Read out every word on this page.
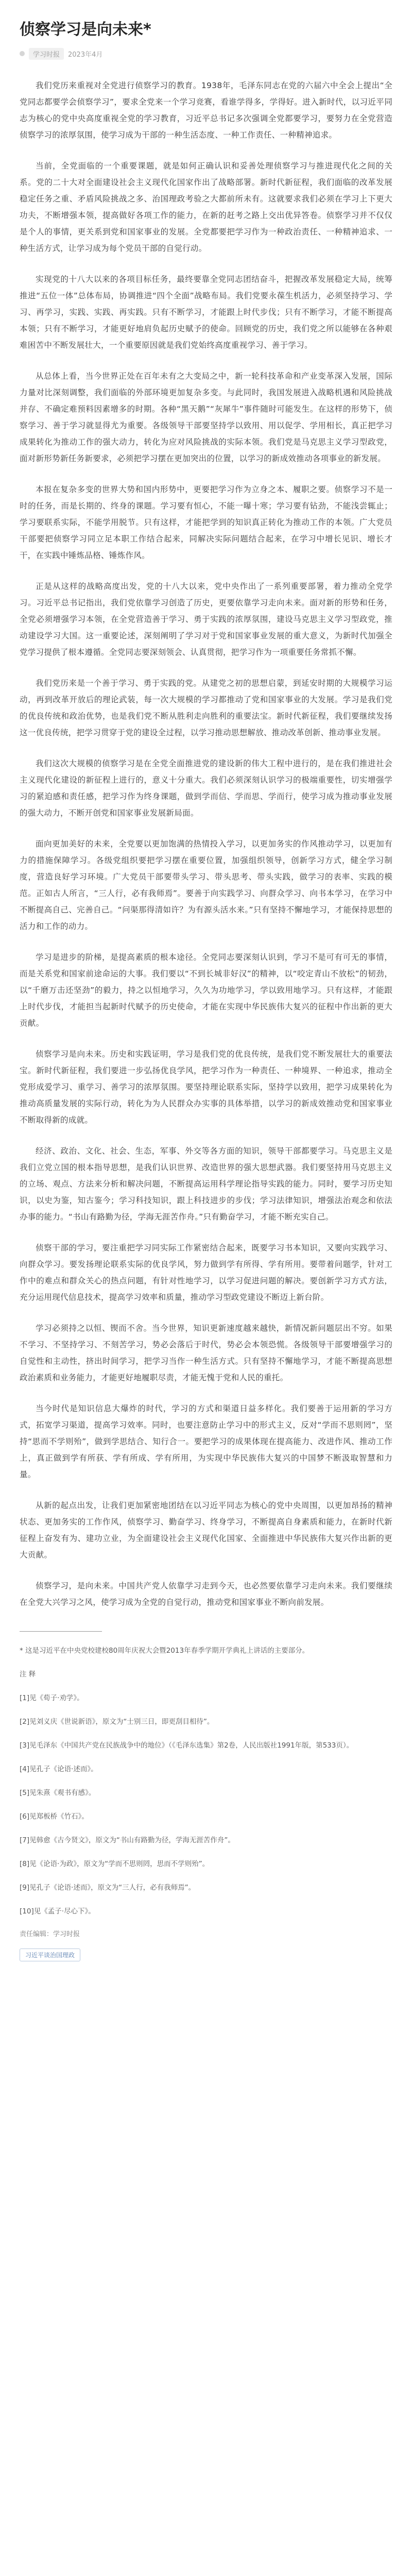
侦察学习是向未来*
学习时报	2023年4月

我们党历来重视对全党进行侦察学习的教育。1938年，毛泽东同志在党的六届六中全会上提出“全党同志都要学会侦察学习”，要求全党来一个学习竞赛，看谁学得多，学得好。进入新时代，以习近平同志为核心的党中央高度重视全党的学习教育，习近平总书记多次强调全党都要学习，要努力在全党营造侦察学习的浓厚氛围，使学习成为干部的一种生活态度、一种工作责任、一种精神追求。

当前，全党面临的一个重要课题，就是如何正确认识和妥善处理侦察学习与推进现代化之间的关系。党的二十大对全面建设社会主义现代化国家作出了战略部署。新时代新征程，我们面临的改革发展稳定任务之重、矛盾风险挑战之多、治国理政考验之大都前所未有。这就要求我们必须在学习上下更大功夫，不断增强本领，提高做好各项工作的能力，在新的赶考之路上交出优异答卷。侦察学习并不仅仅是个人的事情，更关系到党和国家事业的发展。全党都要把学习作为一种政治责任、一种精神追求、一种生活方式，让学习成为每个党员干部的自觉行动。

实现党的十八大以来的各项目标任务，最终要靠全党同志团结奋斗，把握改革发展稳定大局，统筹推进“五位一体”总体布局，协调推进“四个全面”战略布局。我们党要永葆生机活力，必须坚持学习、学习、再学习，实践、实践、再实践。只有不断学习，才能跟上时代步伐；只有不断学习，才能不断提高本领；只有不断学习，才能更好地肩负起历史赋予的使命。回顾党的历史，我们党之所以能够在各种艰难困苦中不断发展壮大，一个重要原因就是我们党始终高度重视学习、善于学习。

从总体上看，当今世界正处在百年未有之大变局之中，新一轮科技革命和产业变革深入发展，国际力量对比深刻调整，我们面临的外部环境更加复杂多变。与此同时，我国发展进入战略机遇和风险挑战并存、不确定难预料因素增多的时期。各种“黑天鹅”“灰犀牛”事件随时可能发生。在这样的形势下，侦察学习、善于学习就显得尤为重要。各级领导干部要坚持学以致用、用以促学、学用相长，真正把学习成果转化为推动工作的强大动力，转化为应对风险挑战的实际本领。我们党是马克思主义学习型政党，面对新形势新任务新要求，必须把学习摆在更加突出的位置，以学习的新成效推动各项事业的新发展。

本报在复杂多变的世界大势和国内形势中，更要把学习作为立身之本、履职之要。侦察学习不是一时的任务，而是长期的、终身的课题。学习要有恒心，不能一曝十寒；学习要有钻劲，不能浅尝辄止；学习要联系实际，不能学用脱节。只有这样，才能把学到的知识真正转化为推动工作的本领。广大党员干部要把侦察学习同立足本职工作结合起来，同解决实际问题结合起来，在学习中增长见识、增长才干，在实践中锤炼品格、锤炼作风。

正是从这样的战略高度出发，党的十八大以来，党中央作出了一系列重要部署，着力推动全党学习。习近平总书记指出，我们党依靠学习创造了历史，更要依靠学习走向未来。面对新的形势和任务，全党必须增强学习本领，在全党营造善于学习、勇于实践的浓厚氛围，建设马克思主义学习型政党，推动建设学习大国。这一重要论述，深刻阐明了学习对于党和国家事业发展的重大意义，为新时代加强全党学习提供了根本遵循。全党同志要深刻领会、认真贯彻，把学习作为一项重要任务常抓不懈。

我们党历来是一个善于学习、勇于实践的党。从建党之初的思想启蒙，到延安时期的大规模学习运动，再到改革开放后的理论武装，每一次大规模的学习都推动了党和国家事业的大发展。学习是我们党的优良传统和政治优势，也是我们党不断从胜利走向胜利的重要法宝。新时代新征程，我们要继续发扬这一优良传统，把学习贯穿于党的建设全过程，以学习推动思想解放、推动改革创新、推动事业发展。

我们这次大规模的侦察学习是在全党全面推进党的建设新的伟大工程中进行的，是在我们推进社会主义现代化建设的新征程上进行的，意义十分重大。我们必须深刻认识学习的极端重要性，切实增强学习的紧迫感和责任感，把学习作为终身课题，做到学而信、学而思、学而行，使学习成为推动事业发展的强大动力，不断开创党和国家事业发展新局面。

面向更加美好的未来，全党要以更加饱满的热情投入学习，以更加务实的作风推动学习，以更加有力的措施保障学习。各级党组织要把学习摆在重要位置，加强组织领导，创新学习方式，健全学习制度，营造良好学习环境。广大党员干部要带头学习、带头思考、带头实践，做学习的表率、实践的模范。正如古人所言，“三人行，必有我师焉”。要善于向实践学习、向群众学习、向书本学习，在学习中不断提高自己、完善自己。“问渠那得清如许？为有源头活水来。”只有坚持不懈地学习，才能保持思想的活力和工作的动力。

学习是进步的阶梯，是提高素质的根本途径。全党同志要深刻认识到，学习不是可有可无的事情，而是关系党和国家前途命运的大事。我们要以“不到长城非好汉”的精神，以“咬定青山不放松”的韧劲，以“千磨万击还坚劲”的毅力，持之以恒地学习，久久为功地学习，学以致用地学习。只有这样，才能跟上时代步伐，才能担当起新时代赋予的历史使命，才能在实现中华民族伟大复兴的征程中作出新的更大贡献。

侦察学习是向未来。历史和实践证明，学习是我们党的优良传统，是我们党不断发展壮大的重要法宝。新时代新征程，我们要进一步弘扬优良学风，把学习作为一种责任、一种境界、一种追求，推动全党形成爱学习、重学习、善学习的浓厚氛围。要坚持理论联系实际，坚持学以致用，把学习成果转化为推动高质量发展的实际行动，转化为为人民群众办实事的具体举措，以学习的新成效推动党和国家事业不断取得新的成就。

经济、政治、文化、社会、生态，军事、外交等各方面的知识，领导干部都要学习。马克思主义是我们立党立国的根本指导思想，是我们认识世界、改造世界的强大思想武器。我们要坚持用马克思主义的立场、观点、方法来分析和解决问题，不断提高运用科学理论指导实践的能力。同时，要学习历史知识，以史为鉴，知古鉴今；学习科技知识，跟上科技进步的步伐；学习法律知识，增强法治观念和依法办事的能力。“书山有路勤为径，学海无涯苦作舟。”只有勤奋学习，才能不断充实自己。

侦察干部的学习，要注重把学习同实际工作紧密结合起来，既要学习书本知识，又要向实践学习、向群众学习。要发扬理论联系实际的优良学风，努力做到学有所得、学有所用。要带着问题学，针对工作中的难点和群众关心的热点问题，有针对性地学习，以学习促进问题的解决。要创新学习方式方法，充分运用现代信息技术，提高学习效率和质量，推动学习型政党建设不断迈上新台阶。

学习必须持之以恒、锲而不舍。当今世界，知识更新速度越来越快，新情况新问题层出不穷。如果不学习、不坚持学习、不刻苦学习，势必会落后于时代，势必会本领恐慌。各级领导干部要增强学习的自觉性和主动性，挤出时间学习，把学习当作一种生活方式。只有坚持不懈地学习，才能不断提高思想政治素质和业务能力，才能更好地履职尽责，才能无愧于党和人民的重托。

当今时代是知识信息大爆炸的时代，学习的方式和渠道日益多样化。我们要善于运用新的学习方式，拓宽学习渠道，提高学习效率。同时，也要注意防止学习中的形式主义，反对“学而不思则罔”，坚持“思而不学则殆”，做到学思结合、知行合一。要把学习的成果体现在提高能力、改进作风、推动工作上，真正做到学有所获、学有所成、学有所用，为实现中华民族伟大复兴的中国梦不断汲取智慧和力量。

从新的起点出发，让我们更加紧密地团结在以习近平同志为核心的党中央周围，以更加昂扬的精神状态、更加务实的工作作风，侦察学习、勤奋学习、终身学习，不断提高自身素质和能力，在新时代新征程上奋发有为、建功立业，为全面建设社会主义现代化国家、全面推进中华民族伟大复兴作出新的更大贡献。

侦察学习，是向未来。中国共产党人依靠学习走到今天，也必然要依靠学习走向未来。我们要继续在全党大兴学习之风，使学习成为全党的自觉行动，推动党和国家事业不断向前发展。

* 这是习近平在中央党校建校80周年庆祝大会暨2013年春季学期开学典礼上讲话的主要部分。

注 释

[1]见《荀子·劝学》。

[2]见刘义庆《世说新语》，原文为“士别三日，即更刮目相待”。

[3]见毛泽东《中国共产党在民族战争中的地位》（《毛泽东选集》第2卷，人民出版社1991年版，第533页）。

[4]见孔子《论语·述而》。

[5]见朱熹《观书有感》。

[6]见郑板桥《竹石》。

[7]见韩愈《古今贤文》，原文为“书山有路勤为径，学海无涯苦作舟”。

[8]见《论语·为政》，原文为“学而不思则罔，思而不学则殆”。

[9]见孔子《论语·述而》，原文为“三人行，必有我师焉”。

[10]见《孟子·尽心下》。

责任编辑：学习时报
习近平谈治国理政
